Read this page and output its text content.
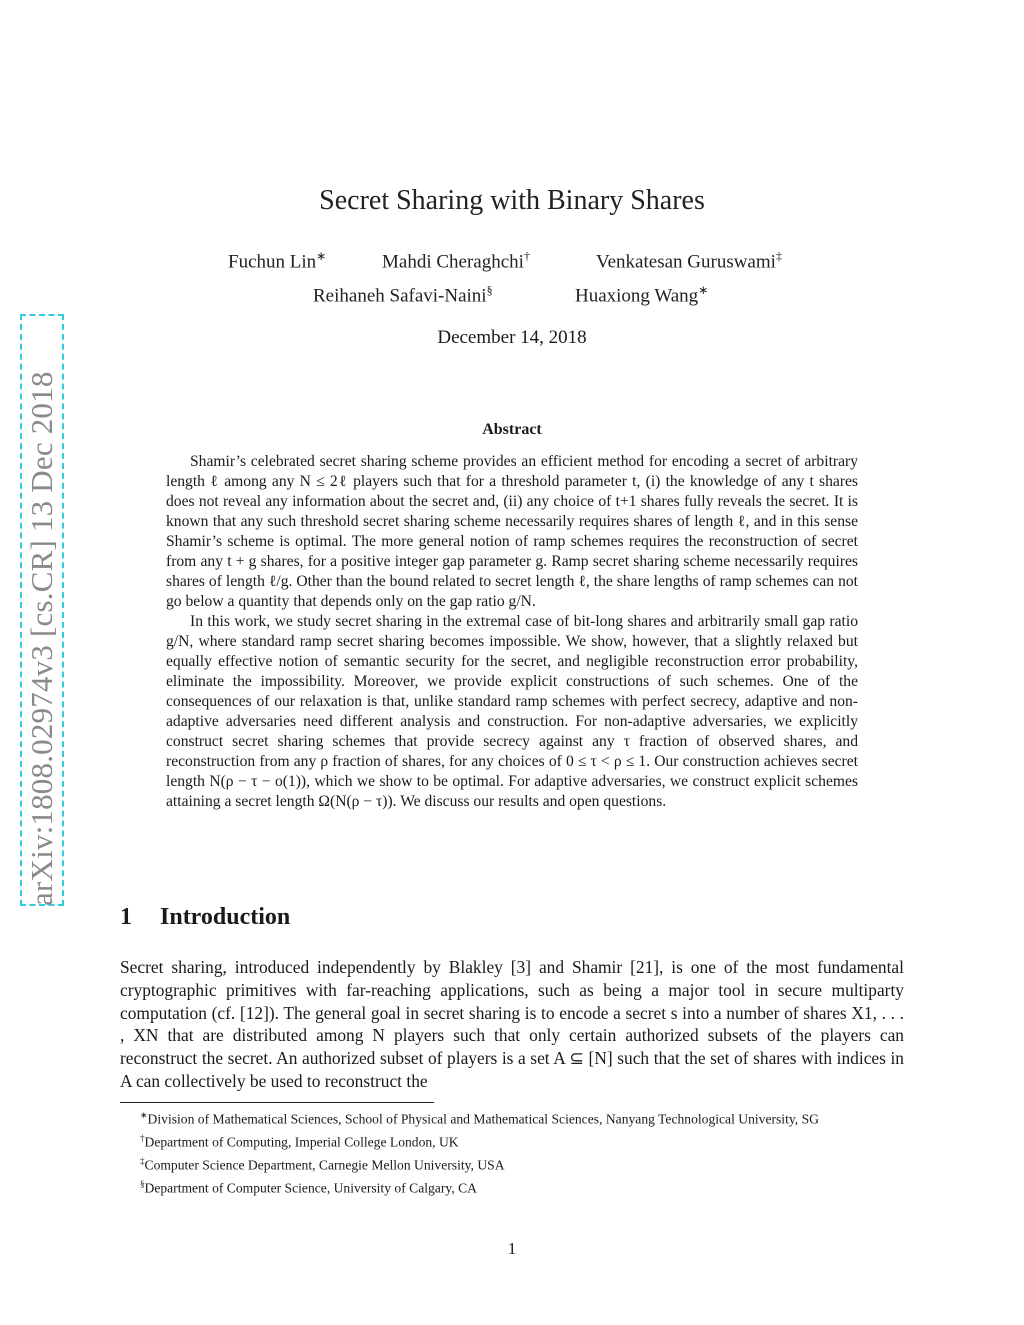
arXiv:1808.02974v3 [cs.CR] 13 Dec 2018
Secret Sharing with Binary Shares
Fuchun Lin∗	Mahdi Cheraghchi†	Venkatesan Guruswami‡
Reihaneh Safavi-Naini§	Huaxiong Wang∗
December 14, 2018
Abstract

Shamir’s celebrated secret sharing scheme provides an efficient method for encoding a secret of arbitrary length ℓ among any N ≤ 2ℓ players such that for a threshold parameter t, (i) the knowledge of any t shares does not reveal any information about the secret and, (ii) any choice of t+1 shares fully reveals the secret. It is known that any such threshold secret sharing scheme necessarily requires shares of length ℓ, and in this sense Shamir’s scheme is optimal. The more general notion of ramp schemes requires the reconstruction of secret from any t + g shares, for a positive integer gap parameter g. Ramp secret sharing scheme necessarily requires shares of length ℓ/g. Other than the bound related to secret length ℓ, the share lengths of ramp schemes can not go below a quantity that depends only on the gap ratio g/N.

In this work, we study secret sharing in the extremal case of bit-long shares and arbitrarily small gap ratio g/N, where standard ramp secret sharing becomes impossible. We show, however, that a slightly relaxed but equally effective notion of semantic security for the secret, and negligible reconstruction error probability, eliminate the impossibility. Moreover, we provide explicit constructions of such schemes. One of the consequences of our relaxation is that, unlike standard ramp schemes with perfect secrecy, adaptive and non-adaptive adversaries need different analysis and construction. For non-adaptive adversaries, we explicitly construct secret sharing schemes that provide secrecy against any τ fraction of observed shares, and reconstruction from any ρ fraction of shares, for any choices of 0 ≤ τ < ρ ≤ 1. Our construction achieves secret length N(ρ − τ − o(1)), which we show to be optimal. For adaptive adversaries, we construct explicit schemes attaining a secret length Ω(N(ρ − τ)). We discuss our results and open questions.

1 Introduction

Secret sharing, introduced independently by Blakley [3] and Shamir [21], is one of the most fundamental cryptographic primitives with far-reaching applications, such as being a major tool in secure multiparty computation (cf. [12]). The general goal in secret sharing is to encode a secret s into a number of shares X1, . . . , XN that are distributed among N players such that only certain authorized subsets of the players can reconstruct the secret. An authorized subset of players is a set A ⊆ [N] such that the set of shares with indices in A can collectively be used to reconstruct the

∗Division of Mathematical Sciences, School of Physical and Mathematical Sciences, Nanyang Technological University, SG

†Department of Computing, Imperial College London, UK

‡Computer Science Department, Carnegie Mellon University, USA

§Department of Computer Science, University of Calgary, CA

1
